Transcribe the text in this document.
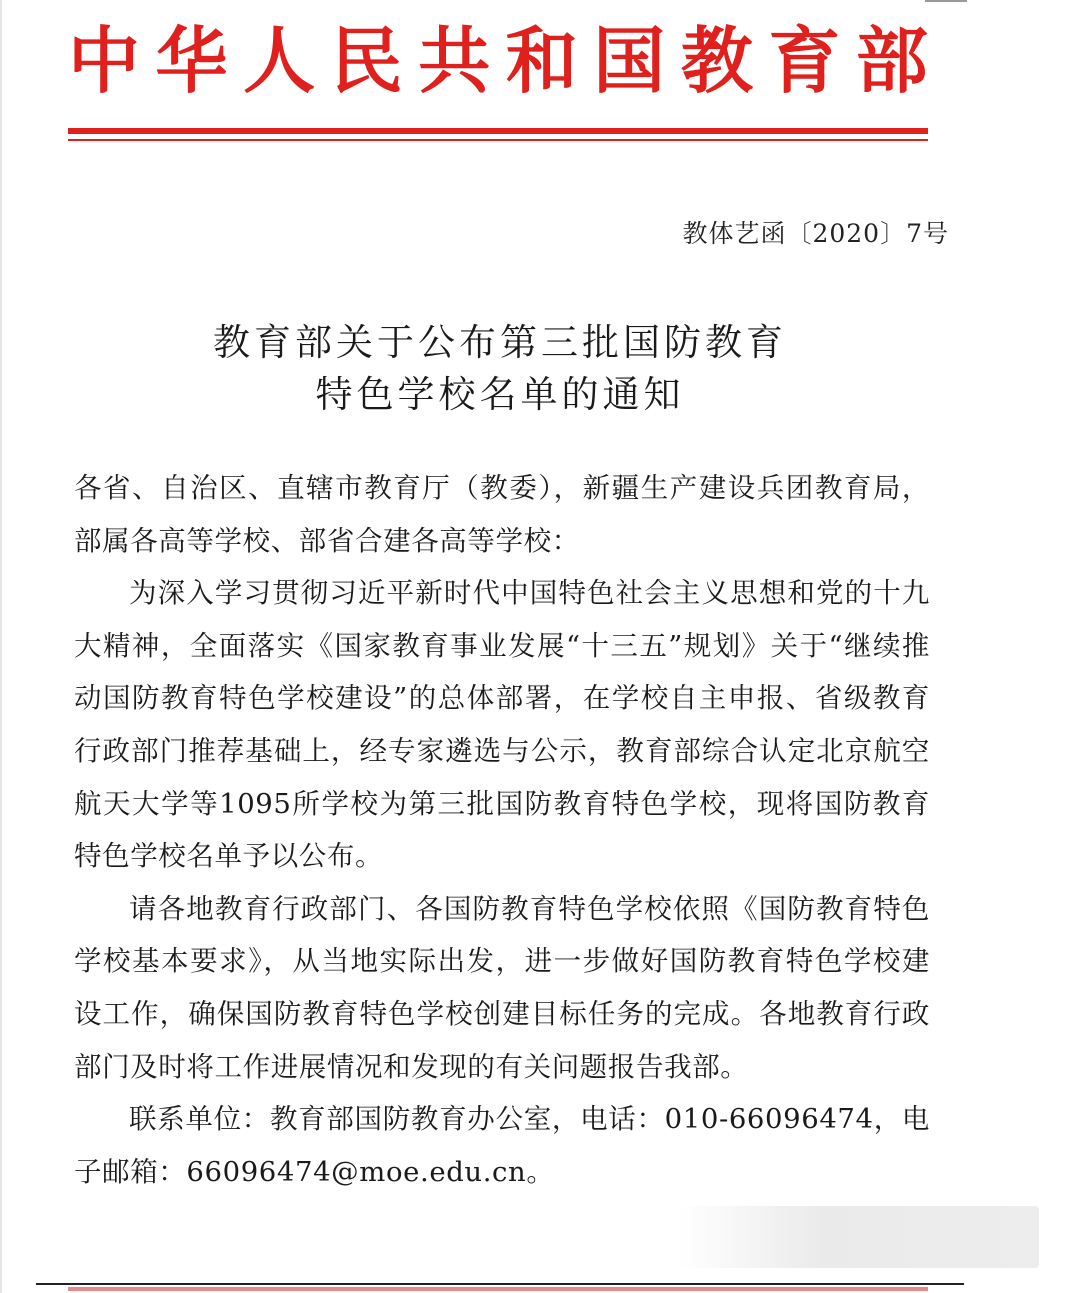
中 华 人 民 共 和 国 教 育 部
教体艺函〔2020〕7号
教育部关于公布第三批国防教育
特色学校名单的通知

各省、自治区、直辖市教育厅（教委），新疆生产建设兵团教育局，部属各高等学校、部省合建各高等学校：

为深入学习贯彻习近平新时代中国特色社会主义思想和党的十九大精神，全面落实《国家教育事业发展“十三五”规划》关于“继续推动国防教育特色学校建设”的总体部署，在学校自主申报、省级教育行政部门推荐基础上，经专家遴选与公示，教育部综合认定北京航空航天大学等1095所学校为第三批国防教育特色学校，现将国防教育特色学校名单予以公布。

请各地教育行政部门、各国防教育特色学校依照《国防教育特色学校基本要求》，从当地实际出发，进一步做好国防教育特色学校建设工作，确保国防教育特色学校创建目标任务的完成。各地教育行政部门及时将工作进展情况和发现的有关问题报告我部。

联系单位：教育部国防教育办公室，电话：010-66096474，电子邮箱：66096474@moe.edu.cn。
